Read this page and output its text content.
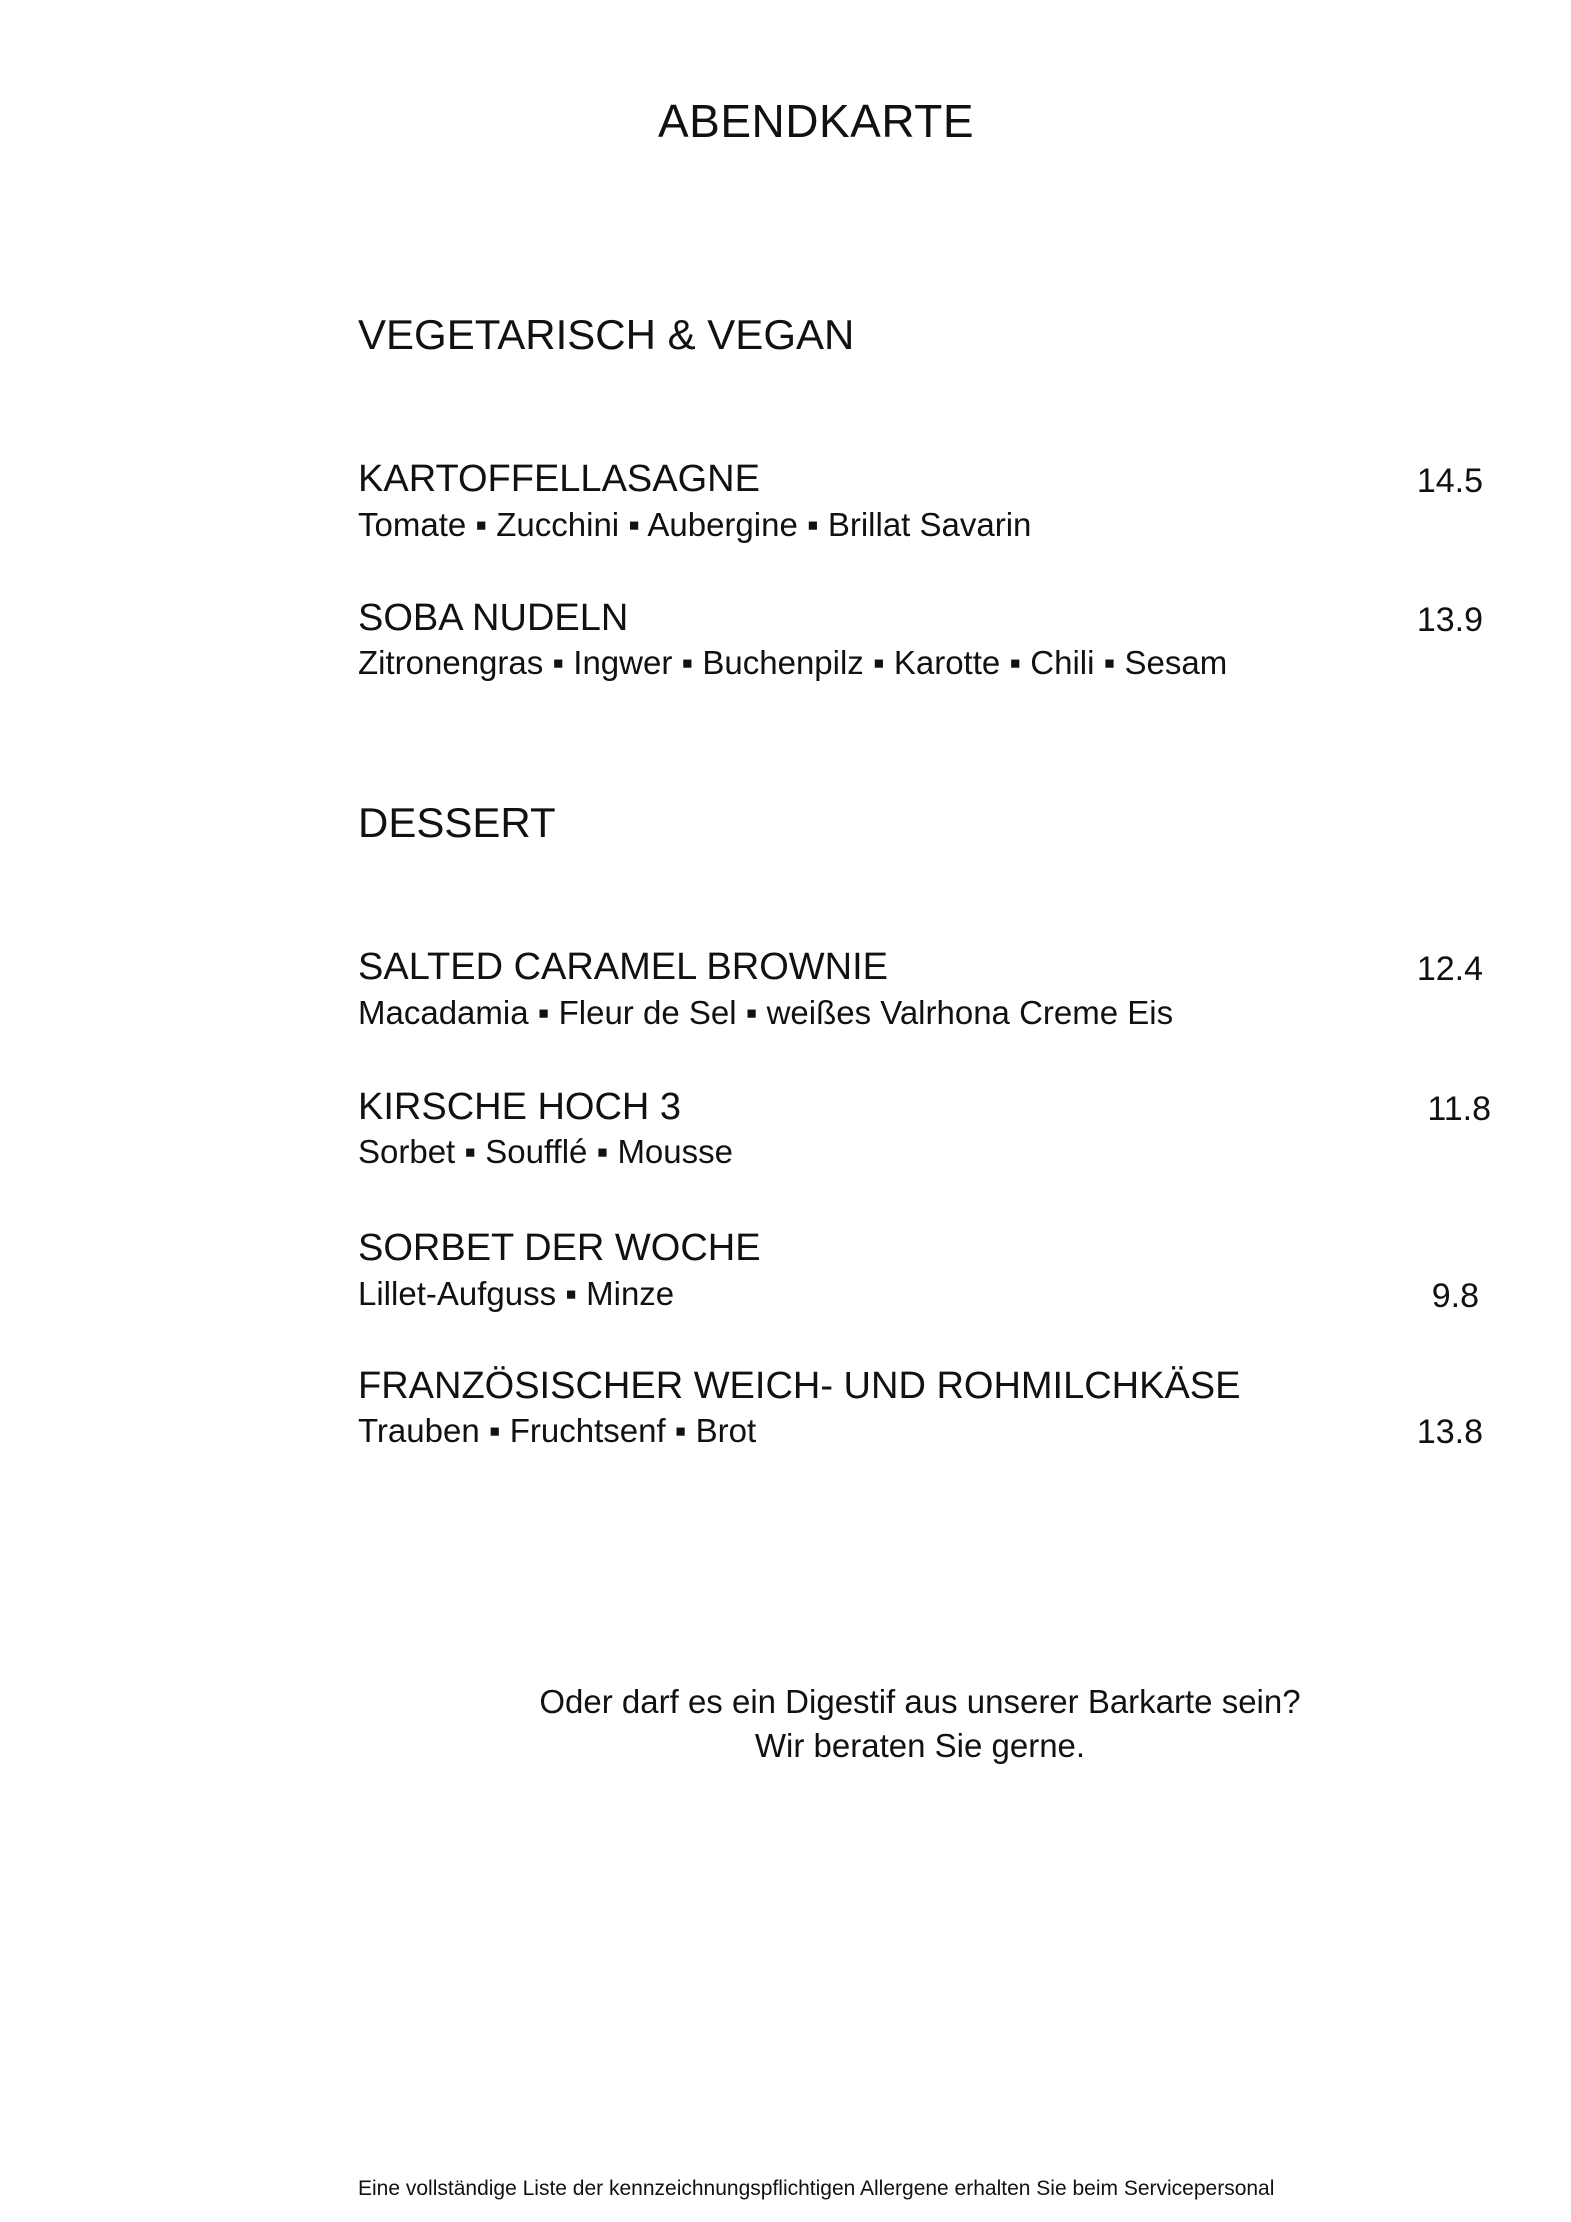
ABENDKARTE
VEGETARISCH & VEGAN
KARTOFFELLASAGNE	14.5
Tomate ▪ Zucchini ▪ Aubergine ▪ Brillat Savarin
SOBA NUDELN	13.9
Zitronengras ▪ Ingwer ▪ Buchenpilz ▪ Karotte ▪ Chili ▪ Sesam
DESSERT
SALTED CARAMEL BROWNIE	12.4
Macadamia ▪ Fleur de Sel ▪ weißes Valrhona Creme Eis
KIRSCHE HOCH 3	11.8
Sorbet ▪ Soufflé ▪ Mousse
SORBET DER WOCHE
Lillet-Aufguss ▪ Minze	9.8
FRANZÖSISCHER WEICH- UND ROHMILCHKÄSE
Trauben ▪ Fruchtsenf ▪ Brot	13.8
Oder darf es ein Digestif aus unserer Barkarte sein?
Wir beraten Sie gerne.
Eine vollständige Liste der kennzeichnungspflichtigen Allergene erhalten Sie beim Servicepersonal
